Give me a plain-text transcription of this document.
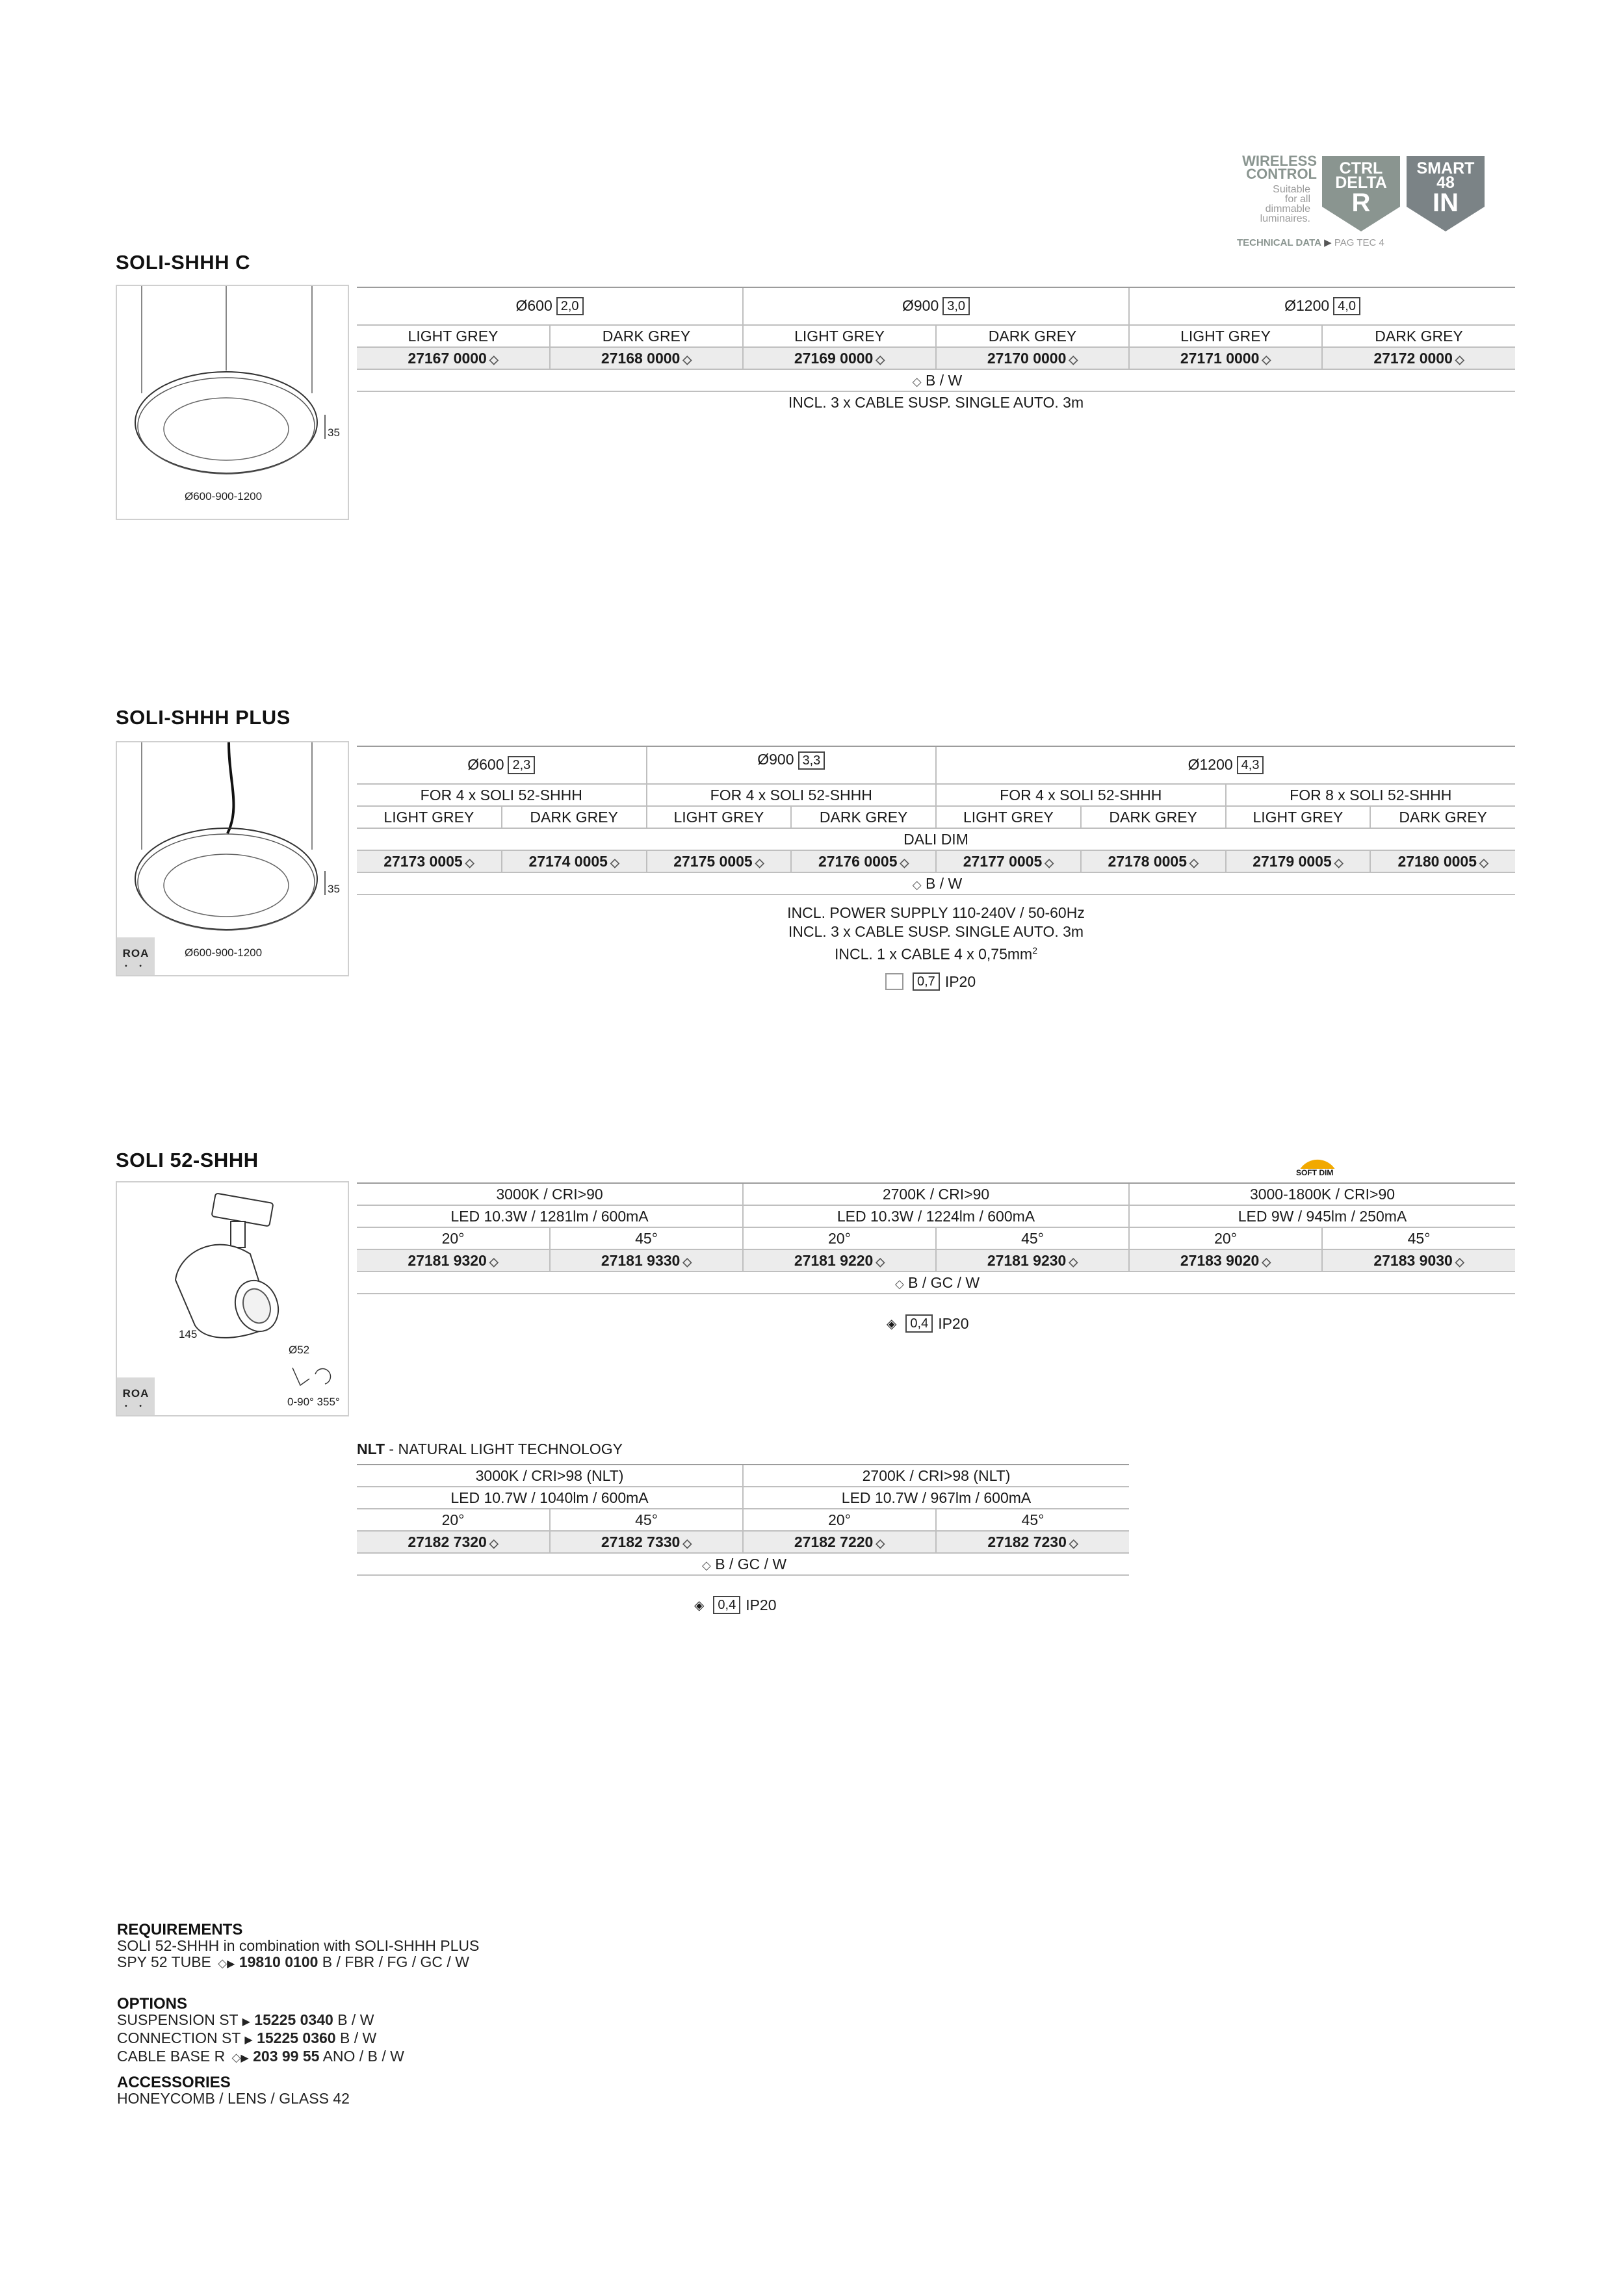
WIRELESS
CONTROL
Suitable
for all
dimmable
luminaires.
CTRL
DELTA
R
SMART
48
IN
TECHNICAL DATA ▶ PAG TEC 4
SOLI-SHHH C
35
Ø600-900-1200
Ø600 2,0		Ø900 3,0		Ø1200 4,0	
LIGHT GREY	DARK GREY	LIGHT GREY	DARK GREY	LIGHT GREY	DARK GREY
27167 0000 ◇	27168 0000 ◇	27169 0000 ◇	27170 0000 ◇	27171 0000 ◇	27172 0000 ◇
◇ B / W					
INCL. 3 x CABLE SUSP. SINGLE AUTO. 3m					
SOLI-SHHH PLUS
35
Ø600-900-1200
ROA
• •
Ø600 2,3		Ø900 3,3		Ø1200 4,3			
FOR 4 x SOLI 52-SHHH		FOR 4 x SOLI 52-SHHH		FOR 4 x SOLI 52-SHHH		FOR 8 x SOLI 52-SHHH	
LIGHT GREY	DARK GREY	LIGHT GREY	DARK GREY	LIGHT GREY	DARK GREY	LIGHT GREY	DARK GREY
DALI DIM							
27173 0005 ◇	27174 0005 ◇	27175 0005 ◇	27176 0005 ◇	27177 0005 ◇	27178 0005 ◇	27179 0005 ◇	27180 0005 ◇
◇ B / W							
INCL. POWER SUPPLY 110-240V / 50-60Hz
INCL. 3 x CABLE SUSP. SINGLE AUTO. 3m
INCL. 1 x CABLE 4 x $0,75mm^2$
0,7 IP20
SOLI 52-SHHH
SOFT DIM
145
Ø52
0-90° 355°
ROA
• •
3000K / CRI>90		2700K / CRI>90		3000-1800K / CRI>90	
LED 10.3W / 1281lm / 600mA		LED 10.3W / 1224lm / 600mA		LED 9W / 945lm / 250mA	
20°	45°	20°	45°	20°	45°
27181 9320 ◇	27181 9330 ◇	27181 9220 ◇	27181 9230 ◇	27183 9020 ◇	27183 9030 ◇
◇ B / GC / W					
◈	0,4 IP20
NLT - NATURAL LIGHT TECHNOLOGY
3000K / CRI>98 (NLT)		2700K / CRI>98 (NLT)	
LED 10.7W / 1040lm / 600mA		LED 10.7W / 967lm / 600mA	
20°	45°	20°	45°
27182 7320 ◇	27182 7330 ◇	27182 7220 ◇	27182 7230 ◇
◇ B / GC / W			
◈	0,4 IP20
REQUIREMENTS
SOLI 52-SHHH in combination with SOLI-SHHH PLUS
SPY 52 TUBE ◇▶ 19810 0100 B / FBR / FG / GC / W
OPTIONS
SUSPENSION ST ▶ 15225 0340 B / W
CONNECTION ST ▶ 15225 0360 B / W
CABLE BASE R ◇▶ 203 99 55 ANO / B / W
ACCESSORIES
HONEYCOMB / LENS / GLASS 42
